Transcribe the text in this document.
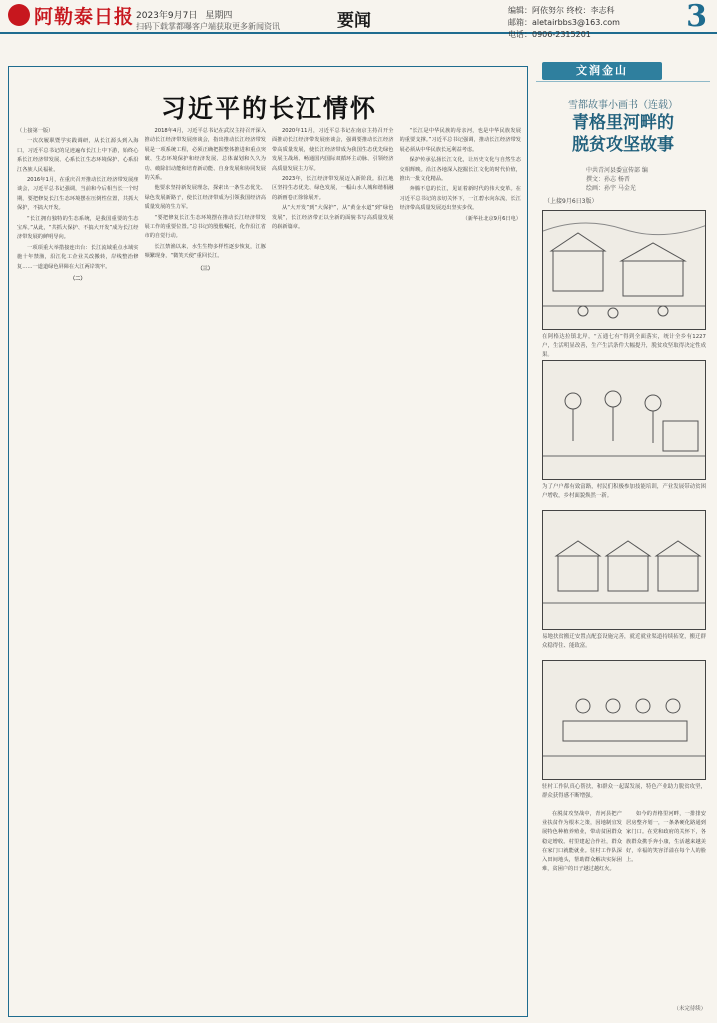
阿勒泰日报 2023年9月7日 星期四
扫码下载掌都曝客户端获取更多新闻资讯	要闻
编辑：阿依努尔 终校：李志科
邮箱：aletairbbs3@163.com
电话：0906-2315201
3
习近平的长江情怀

（上接第一版）

一次次履职暨学实践调研，从长江源头到入海口，习近平总书记的足迹遍布长江上中下游，始终心系长江经济带发展、心系长江生态环境保护、心系沿江各族人民福祉。

2016年1月，在重庆召开推动长江经济带发展座谈会，习近平总书记强调，当前和今后相当长一个时期，要把修复长江生态环境摆在压倒性位置，共抓大保护，不搞大开发。

“长江拥有独特的生态系统，是我国重要的生态宝库。”从此，“共抓大保护、不搞大开发”成为长江经济带发展的鲜明导向。

一项项重大举措接连出台：长江流域重点水域实施十年禁渔，沿江化工企业关改搬转，岸线整治修复……一道道绿色屏障在大江两岸筑牢。

（二）

2018年4月，习近平总书记在武汉主持召开深入推动长江经济带发展座谈会，指出推动长江经济带发展是一项系统工程，必须正确把握整体推进和重点突破、生态环境保护和经济发展、总体谋划和久久为功、破除旧动能和培育新动能、自身发展和协同发展的关系。

他要求坚持新发展理念，探索出一条生态优先、绿色发展新路子，使长江经济带成为引领我国经济高质量发展的生力军。

“要把修复长江生态环境摆在推动长江经济带发展工作的重要位置。”总书记的殷殷嘱托，化作沿江省市的自觉行动。

长江禁渔以来，水生生物多样性逐步恢复，江豚频繁现身，“微笑天使”重回长江。

（三）

2020年11月，习近平总书记在南京主持召开全面推动长江经济带发展座谈会，强调要推动长江经济带高质量发展，使长江经济带成为我国生态优先绿色发展主战场、畅通国内国际双循环主动脉、引领经济高质量发展主力军。

2023年，长江经济带发展迈入新阶段。沿江地区坚持生态优先、绿色发展，一幅山水人城和谐相融的新画卷正徐徐展开。

从“大开发”到“大保护”，从“黄金水道”到“绿色发展”，长江经济带正以全新的面貌书写高质量发展的崭新篇章。

“长江是中华民族的母亲河，也是中华民族发展的重要支撑。”习近平总书记强调，推动长江经济带发展必须从中华民族长远利益考虑。

保护传承弘扬长江文化，让历史文化与自然生态交相辉映。沿江各地深入挖掘长江文化的时代价值，推出一批文化精品。

奔腾不息的长江，见证着新时代的伟大变革。在习近平总书记的亲切关怀下，一江碧水向东流，长江经济带高质量发展迈出坚实步伐。

（新华社北京9月6日电）

文润金山
雪都故事小画书（连载）
青格里河畔的
脱贫攻坚故事
中共青河县委宣传部 编
撰文：孙志 杨晋
绘画：孙宇 马金光
（上接9月6日3版）
在阿格达拉镇北岸，“五通七有”得到全面落实，统计全乡有1227户，生活明显改善，生产生活条件大幅提升，脱贫攻坚取得决定性成果。
为了户户都有致富路，村民们积极参加技能培训，产业发展带动贫困户增收，乡村面貌焕然一新。
易地扶贫搬迁安置点配套设施完善，就近就业渠道持续拓宽，搬迁群众稳得住、能致富。
驻村工作队真心帮扶，和群众一起谋发展，特色产业助力脱贫攻坚，群众获得感不断增强。

在脱贫攻坚战中，青河县把产业扶贫作为根本之策，因地制宜发展特色种植养殖业，带动贫困群众稳定增收。村里建起合作社，群众在家门口就能就业。驻村工作队深入田间地头，帮助群众解决实际困难，贫困户的日子越过越红火。

如今的青格里河畔，一排排安居房整齐划一，一条条硬化路通到家门口。在党和政府的关怀下，各族群众携手奔小康，生活越来越美好，幸福的笑容洋溢在每个人的脸上。

（未完待续）
